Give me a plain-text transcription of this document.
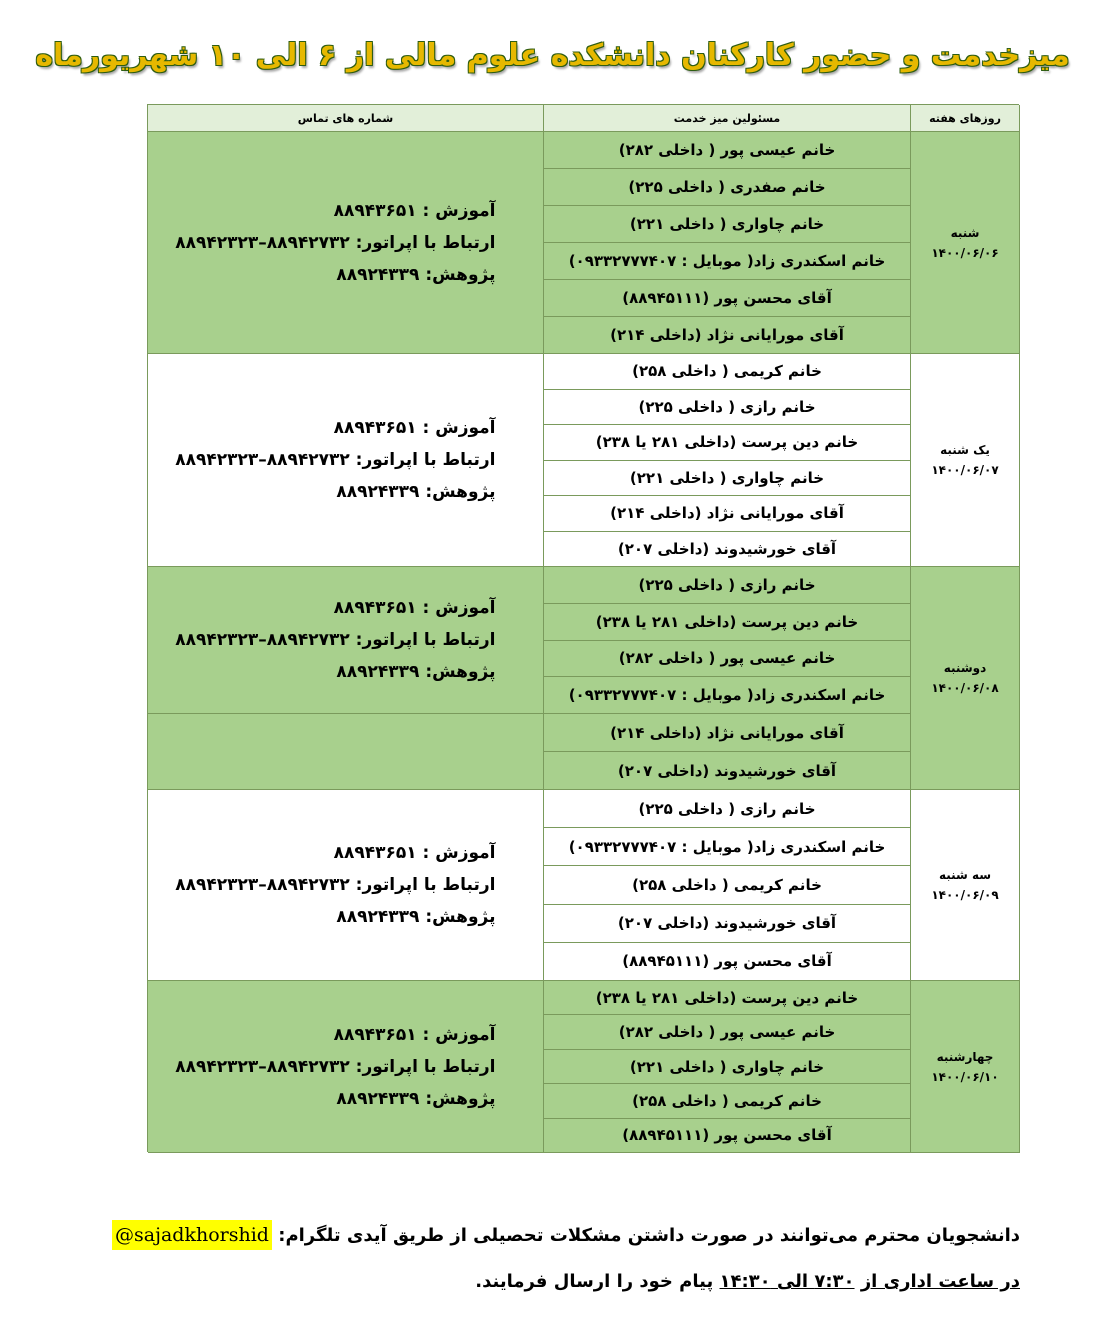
میزخدمت و حضور کارکنان دانشکده علوم مالی از ۶ الی ۱۰ شهریورماه
شماره های تماس	مسئولین میز خدمت	روزهای هفته
آموزش : ۸۸۹۴۳۶۵۱
ارتباط با اپراتور: ۸۸۹۴۲۷۳۲–۸۸۹۴۲۳۲۳
پژوهش: ۸۸۹۲۴۳۳۹
خانم عیسی پور ( داخلی ۲۸۲)
خانم صفدری ( داخلی ۲۲۵)
خانم چاواری ( داخلی ۲۲۱)
خانم اسکندری زاد( موبایل : ۰۹۳۳۲۷۷۷۴۰۷)
آقای محسن پور (۸۸۹۴۵۱۱۱)
آقای مورایانی نژاد (داخلی ۲۱۴)
شنبه
۱۴۰۰/۰۶/۰۶
آموزش : ۸۸۹۴۳۶۵۱
ارتباط با اپراتور: ۸۸۹۴۲۷۳۲–۸۸۹۴۲۳۲۳
پژوهش: ۸۸۹۲۴۳۳۹
خانم کریمی ( داخلی ۲۵۸)
خانم رازی ( داخلی ۲۲۵)
خانم دین پرست (داخلی ۲۸۱ یا ۲۳۸)
خانم چاواری ( داخلی ۲۲۱)
آقای مورایانی نژاد (داخلی ۲۱۴)
آقای خورشیدوند (داخلی ۲۰۷)
یک شنبه
۱۴۰۰/۰۶/۰۷
آموزش : ۸۸۹۴۳۶۵۱
ارتباط با اپراتور: ۸۸۹۴۲۷۳۲–۸۸۹۴۲۳۲۳
پژوهش: ۸۸۹۲۴۳۳۹
خانم رازی ( داخلی ۲۲۵)
خانم دین پرست (داخلی ۲۸۱ یا ۲۳۸)
خانم عیسی پور ( داخلی ۲۸۲)
خانم اسکندری زاد( موبایل : ۰۹۳۳۲۷۷۷۴۰۷)
دوشنبه
۱۴۰۰/۰۶/۰۸
آقای مورایانی نژاد (داخلی ۲۱۴)
آقای خورشیدوند (داخلی ۲۰۷)
آموزش : ۸۸۹۴۳۶۵۱
ارتباط با اپراتور: ۸۸۹۴۲۷۳۲–۸۸۹۴۲۳۲۳
پژوهش: ۸۸۹۲۴۳۳۹
خانم رازی ( داخلی ۲۲۵)
خانم اسکندری زاد( موبایل : ۰۹۳۳۲۷۷۷۴۰۷)
خانم کریمی ( داخلی ۲۵۸)
آقای خورشیدوند (داخلی ۲۰۷)
آقای محسن پور (۸۸۹۴۵۱۱۱)
سه شنبه
۱۴۰۰/۰۶/۰۹
آموزش : ۸۸۹۴۳۶۵۱
ارتباط با اپراتور: ۸۸۹۴۲۷۳۲–۸۸۹۴۲۳۲۳
پژوهش: ۸۸۹۲۴۳۳۹
خانم دین پرست (داخلی ۲۸۱ یا ۲۳۸)
خانم عیسی پور ( داخلی ۲۸۲)
خانم چاواری ( داخلی ۲۲۱)
خانم کریمی ( داخلی ۲۵۸)
آقای محسن پور (۸۸۹۴۵۱۱۱)
چهارشنبه
۱۴۰۰/۰۶/۱۰
دانشجویان محترم می‌توانند در صورت داشتن مشکلات تحصیلی از طریق آیدی تلگرام: @sajadkhorshid
در ساعت اداری از ۷:۳۰ الی ۱۴:۳۰ پیام خود را ارسال فرمایند.
